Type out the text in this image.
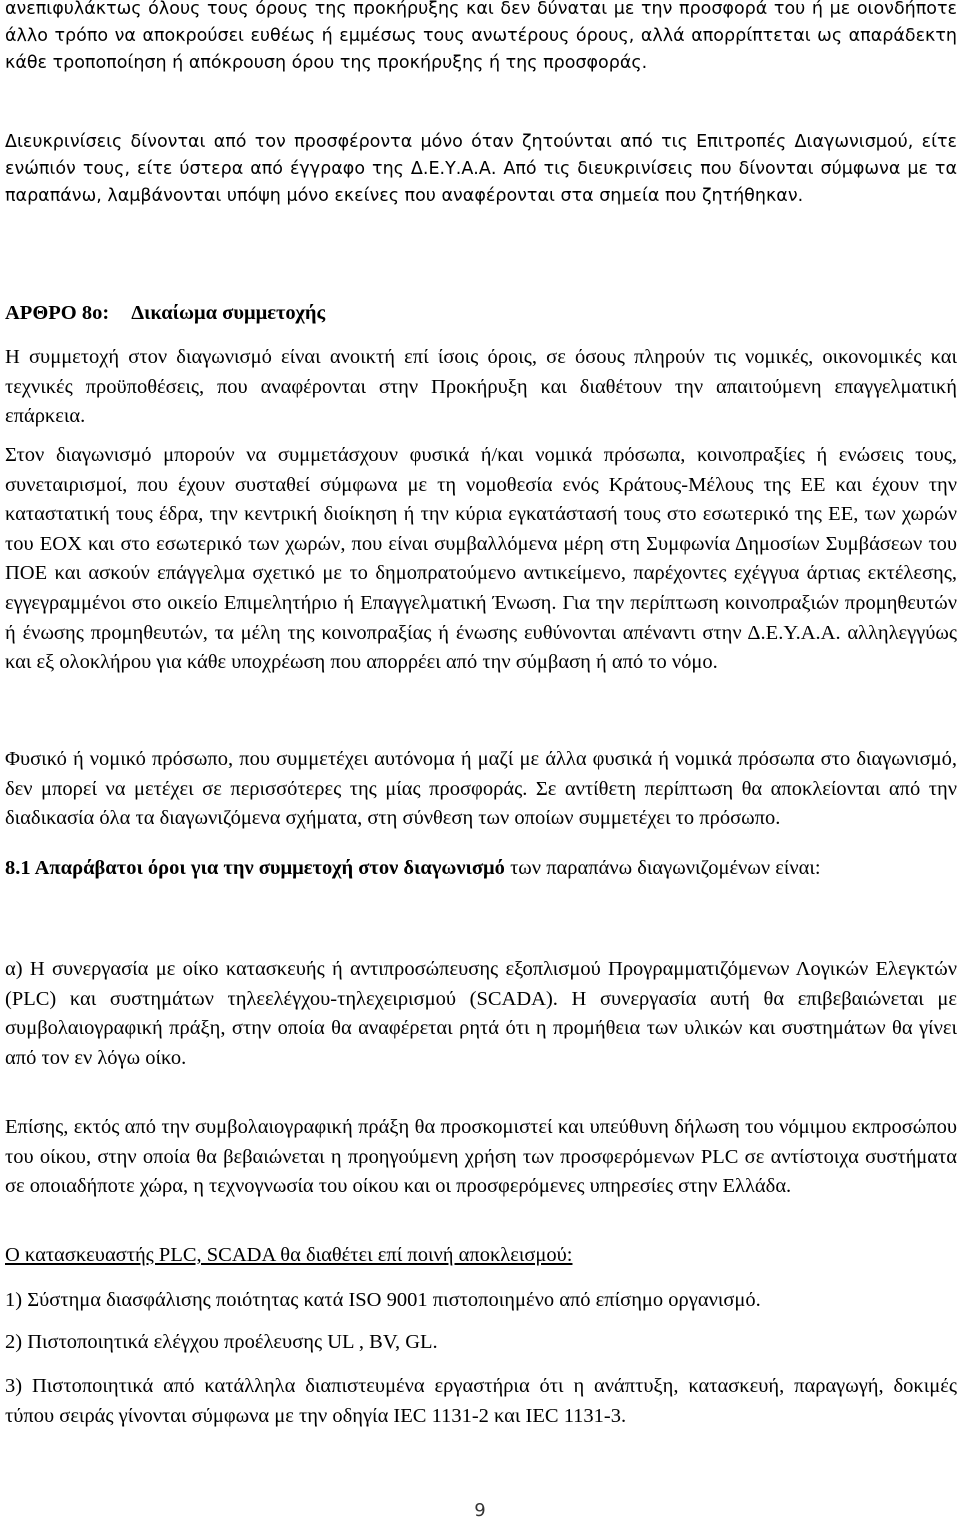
ανεπιφυλάκτως όλους τους όρους της προκήρυξης και δεν δύναται με την προσφορά του ή με οιονδήποτε άλλο τρόπο να αποκρούσει ευθέως ή εμμέσως τους ανωτέρους όρους, αλλά απορρίπτεται ως απαράδεκτη κάθε τροποποίηση ή απόκρουση όρου της προκήρυξης ή της προσφοράς.

Διευκρινίσεις δίνονται από τον προσφέροντα μόνο όταν ζητούνται από τις Επιτροπές Διαγωνισμού, είτε ενώπιόν τους, είτε ύστερα από έγγραφο της Δ.Ε.Υ.Α.Α. Από τις διευκρινίσεις που δίνονται σύμφωνα με τα παραπάνω, λαμβάνονται υπόψη μόνο εκείνες που αναφέρονται στα σημεία που ζητήθηκαν.

ΑΡΘΡΟ 8ο: Δικαίωμα συμμετοχής

Η συμμετοχή στον διαγωνισμό είναι ανοικτή επί ίσοις όροις, σε όσους πληρούν τις νομικές, οικονομικές και τεχνικές προϋποθέσεις, που αναφέρονται στην Προκήρυξη και διαθέτουν την απαιτούμενη επαγγελματική επάρκεια.

Στον διαγωνισμό μπορούν να συμμετάσχουν φυσικά ή/και νομικά πρόσωπα, κοινοπραξίες ή ενώσεις τους, συνεταιρισμοί, που έχουν συσταθεί σύμφωνα με τη νομοθεσία ενός Κράτους-Μέλους της ΕΕ και έχουν την καταστατική τους έδρα, την κεντρική διοίκηση ή την κύρια εγκατάστασή τους στο εσωτερικό της ΕΕ, των χωρών του ΕΟΧ και στο εσωτερικό των χωρών, που είναι συμβαλλόμενα μέρη στη Συμφωνία Δημοσίων Συμβάσεων του ΠΟΕ και ασκούν επάγγελμα σχετικό με το δημοπρατούμενο αντικείμενο, παρέχοντες εχέγγυα άρτιας εκτέλεσης, εγγεγραμμένοι στο οικείο Επιμελητήριο ή Επαγγελματική Ένωση. Για την περίπτωση κοινοπραξιών προμηθευτών ή ένωσης προμηθευτών, τα μέλη της κοινοπραξίας ή ένωσης ευθύνονται απέναντι στην Δ.Ε.Υ.Α.Α. αλληλεγγύως και εξ ολοκλήρου για κάθε υποχρέωση που απορρέει από την σύμβαση ή από το νόμο.

Φυσικό ή νομικό πρόσωπο, που συμμετέχει αυτόνομα ή μαζί με άλλα φυσικά ή νομικά πρόσωπα στο διαγωνισμό, δεν μπορεί να μετέχει σε περισσότερες της μίας προσφοράς. Σε αντίθετη περίπτωση θα αποκλείονται από την διαδικασία όλα τα διαγωνιζόμενα σχήματα, στη σύνθεση των οποίων συμμετέχει το πρόσωπο.

8.1 Απαράβατοι όροι για την συμμετοχή στον διαγωνισμό των παραπάνω διαγωνιζομένων είναι:

α) Η συνεργασία με οίκο κατασκευής ή αντιπροσώπευσης εξοπλισμού Προγραμματιζόμενων Λογικών Ελεγκτών (PLC) και συστημάτων τηλεελέγχου-τηλεχειρισμού (SCADA). Η συνεργασία αυτή θα επιβεβαιώνεται με συμβολαιογραφική πράξη, στην οποία θα αναφέρεται ρητά ότι η προμήθεια των υλικών και συστημάτων θα γίνει από τον εν λόγω οίκο.

Επίσης, εκτός από την συμβολαιογραφική πράξη θα προσκομιστεί και υπεύθυνη δήλωση του νόμιμου εκπροσώπου του οίκου, στην οποία θα βεβαιώνεται η προηγούμενη χρήση των προσφερόμενων PLC σε αντίστοιχα συστήματα σε οποιαδήποτε χώρα, η τεχνογνωσία του οίκου και οι προσφερόμενες υπηρεσίες στην Ελλάδα.

Ο κατασκευαστής PLC, SCADA θα διαθέτει επί ποινή αποκλεισμού:

1) Σύστημα διασφάλισης ποιότητας κατά ISO 9001 πιστοποιημένο από επίσημο οργανισμό.

2) Πιστοποιητικά ελέγχου προέλευσης UL , BV, GL.

3) Πιστοποιητικά από κατάλληλα διαπιστευμένα εργαστήρια ότι η ανάπτυξη, κατασκευή, παραγωγή, δοκιμές τύπου σειράς γίνονται σύμφωνα με την οδηγία IEC 1131-2 και IEC 1131-3.

9
